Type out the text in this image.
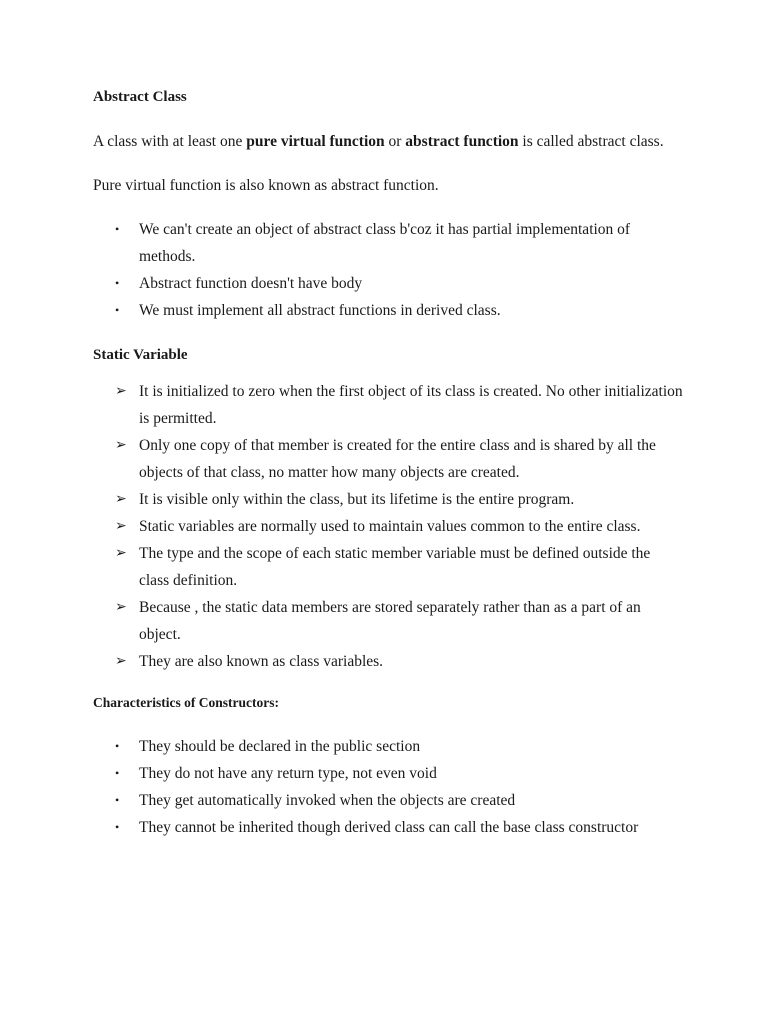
Abstract Class

A class with at least one pure virtual function or abstract function is called abstract class.

Pure virtual function is also known as abstract function.

• We can't create an object of abstract class b'coz it has partial implementation of methods.
• Abstract function doesn't have body
• We must implement all abstract functions in derived class.

Static Variable

➢ It is initialized to zero when the first object of its class is created. No other initialization is permitted.
➢ Only one copy of that member is created for the entire class and is shared by all the objects of that class, no matter how many objects are created.
➢ It is visible only within the class, but its lifetime is the entire program.
➢ Static variables are normally used to maintain values common to the entire class.
➢ The type and the scope of each static member variable must be defined outside the class definition.
➢ Because , the static data members are stored separately rather than as a part of an object.
➢ They are also known as class variables.

Characteristics of Constructors:

• They should be declared in the public section
• They do not have any return type, not even void
• They get automatically invoked when the objects are created
• They cannot be inherited though derived class can call the base class constructor
